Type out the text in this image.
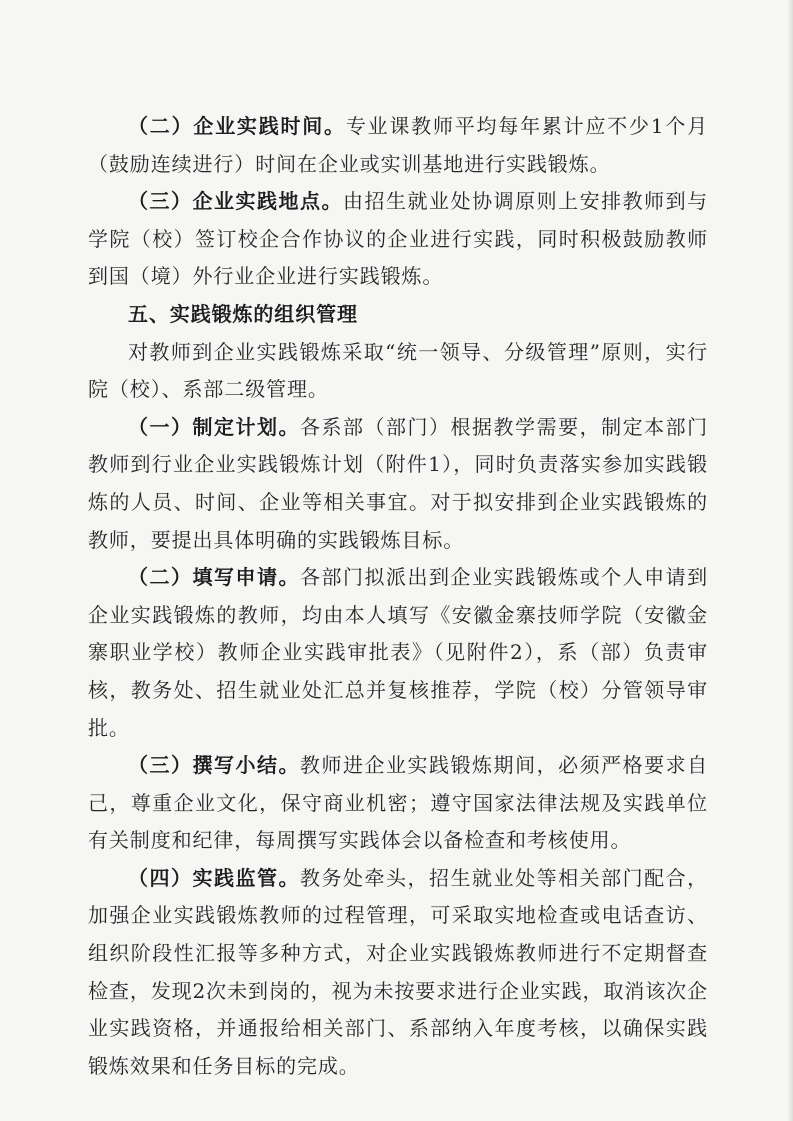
（二）企业实践时间。专业课教师平均每年累计应不少1个月（鼓励连续进行）时间在企业或实训基地进行实践锻炼。

（三）企业实践地点。由招生就业处协调原则上安排教师到与学院（校）签订校企合作协议的企业进行实践，同时积极鼓励教师到国（境）外行业企业进行实践锻炼。

五、实践锻炼的组织管理

对教师到企业实践锻炼采取“统一领导、分级管理”原则，实行院（校）、系部二级管理。

（一）制定计划。各系部（部门）根据教学需要，制定本部门教师到行业企业实践锻炼计划（附件1），同时负责落实参加实践锻炼的人员、时间、企业等相关事宜。对于拟安排到企业实践锻炼的教师，要提出具体明确的实践锻炼目标。

（二）填写申请。各部门拟派出到企业实践锻炼或个人申请到企业实践锻炼的教师，均由本人填写《安徽金寨技师学院（安徽金寨职业学校）教师企业实践审批表》（见附件2），系（部）负责审核，教务处、招生就业处汇总并复核推荐，学院（校）分管领导审批。

（三）撰写小结。教师进企业实践锻炼期间，必须严格要求自己，尊重企业文化，保守商业机密；遵守国家法律法规及实践单位有关制度和纪律，每周撰写实践体会以备检查和考核使用。

（四）实践监管。教务处牵头，招生就业处等相关部门配合，加强企业实践锻炼教师的过程管理，可采取实地检查或电话查访、组织阶段性汇报等多种方式，对企业实践锻炼教师进行不定期督查检查，发现2次未到岗的，视为未按要求进行企业实践，取消该次企业实践资格，并通报给相关部门、系部纳入年度考核，以确保实践锻炼效果和任务目标的完成。
